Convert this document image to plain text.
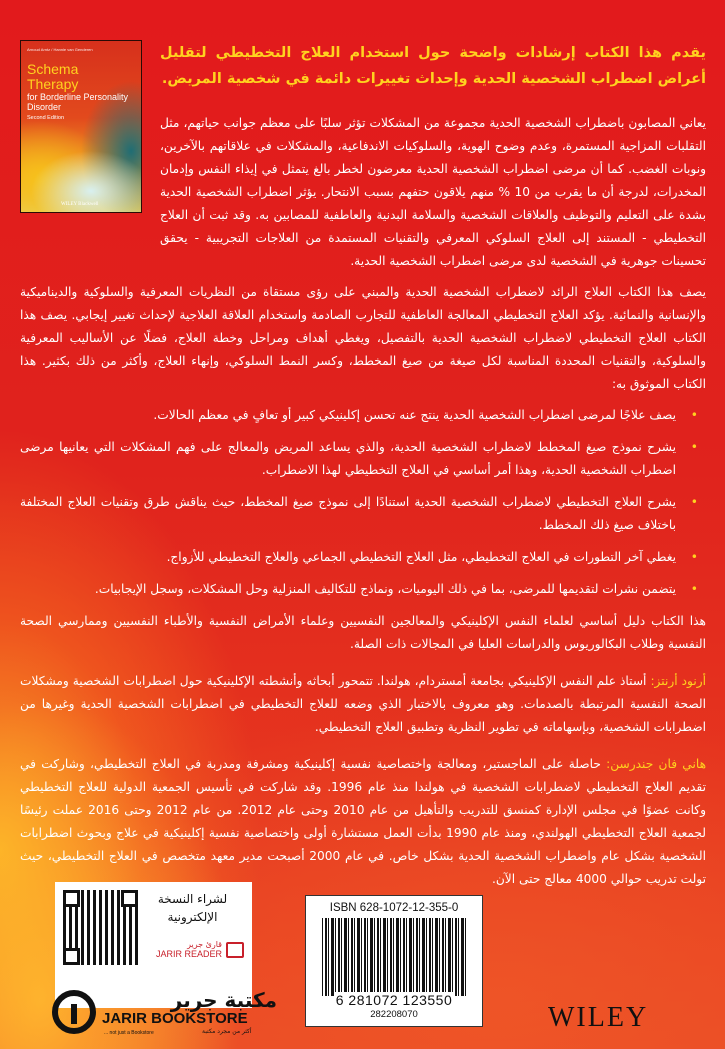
Arnoud Arntz / Hannie van Genderen
Schema
Therapy
for Borderline Personality Disorder
Second Edition
WILEY Blackwell

يقدم هذا الكتاب إرشادات واضحة حول استخدام العلاج التخطيطي لتقليل أعراض اضطراب الشخصية الحدية وإحداث تغييرات دائمة في شخصية المريض.

يعاني المصابون باضطراب الشخصية الحدية مجموعة من المشكلات تؤثر سلبًا على معظم جوانب حياتهم، مثل التقلبات المزاجية المستمرة، وعدم وضوح الهوية، والسلوكيات الاندفاعية، والمشكلات في علاقاتهم بالآخرين، ونوبات الغضب. كما أن مرضى اضطراب الشخصية الحدية معرضون لخطر بالغ يتمثل في إيذاء النفس وإدمان المخدرات، لدرجة أن ما يقرب من 10 % منهم يلاقون حتفهم بسبب الانتحار. يؤثر اضطراب الشخصية الحدية بشدة على التعليم والتوظيف والعلاقات الشخصية والسلامة البدنية والعاطفية للمصابين به. وقد ثبت أن العلاج التخطيطي - المستند إلى العلاج السلوكي المعرفي والتقنيات المستمدة من العلاجات التجريبية - يحقق تحسينات جوهرية في الشخصية لدى مرضى اضطراب الشخصية الحدية.

يصف هذا الكتاب العلاج الرائد لاضطراب الشخصية الحدية والمبني على رؤى مستقاة من النظريات المعرفية والسلوكية والديناميكية والإنسانية والنمائية. يؤكد العلاج التخطيطي المعالجة العاطفية للتجارب الصادمة واستخدام العلاقة العلاجية لإحداث تغيير إيجابي. يصف هذا الكتاب العلاج التخطيطي لاضطراب الشخصية الحدية بالتفصيل، ويغطي أهداف ومراحل وخطة العلاج، فضلًا عن الأساليب المعرفية والسلوكية، والتقنيات المحددة المناسبة لكل صيغة من صيغ المخطط، وكسر النمط السلوكي، وإنهاء العلاج، وأكثر من ذلك بكثير. هذا الكتاب الموثوق به:

• يصف علاجًا لمرضى اضطراب الشخصية الحدية ينتج عنه تحسن إكلينيكي كبير أو تعافٍ في معظم الحالات.
• يشرح نموذج صيغ المخطط لاضطراب الشخصية الحدية، والذي يساعد المريض والمعالج على فهم المشكلات التي يعانيها مرضى اضطراب الشخصية الحدية، وهذا أمر أساسي في العلاج التخطيطي لهذا الاضطراب.
• يشرح العلاج التخطيطي لاضطراب الشخصية الحدية استنادًا إلى نموذج صيغ المخطط، حيث يناقش طرق وتقنيات العلاج المختلفة باختلاف صيغ ذلك المخطط.
• يغطي آخر التطورات في العلاج التخطيطي، مثل العلاج التخطيطي الجماعي والعلاج التخطيطي للأزواج.
• يتضمن نشرات لتقديمها للمرضى، بما في ذلك اليوميات، ونماذج للتكاليف المنزلية وحل المشكلات، وسجل الإيجابيات.

هذا الكتاب دليل أساسي لعلماء النفس الإكلينيكي والمعالجين النفسيين وعلماء الأمراض النفسية والأطباء النفسيين وممارسي الصحة النفسية وطلاب البكالوريوس والدراسات العليا في المجالات ذات الصلة.

أرنود أرنتز: أستاذ علم النفس الإكلينيكي بجامعة أمستردام، هولندا. تتمحور أبحاثه وأنشطته الإكلينيكية حول اضطرابات الشخصية ومشكلات الصحة النفسية المرتبطة بالصدمات. وهو معروف بالاختبار الذي وضعه للعلاج التخطيطي في اضطرابات الشخصية الحدية وغيرها من اضطرابات الشخصية، وبإسهاماته في تطوير النظرية وتطبيق العلاج التخطيطي.

هاني فان جندرسن: حاصلة على الماجستير، ومعالجة واختصاصية نفسية إكلينيكية ومشرفة ومدربة في العلاج التخطيطي، وشاركت في تقديم العلاج التخطيطي لاضطرابات الشخصية في هولندا منذ عام 1996. وقد شاركت في تأسيس الجمعية الدولية للعلاج التخطيطي وكانت عضوًا في مجلس الإدارة كمنسق للتدريب والتأهيل من عام 2010 وحتى عام 2012. من عام 2012 وحتى 2016 عملت رئيسًا لجمعية العلاج التخطيطي الهولندي، ومنذ عام 1990 بدأت العمل مستشارة أولى واختصاصية نفسية إكلينيكية في علاج وبحوث اضطرابات الشخصية بشكل عام واضطراب الشخصية الحدية بشكل خاص. في عام 2000 أصبحت مدير معهد متخصص في العلاج التخطيطي، حيث تولت تدريب حوالي 4000 معالج حتى الآن.

لشراء النسخة
الإلكترونية
قارئ جرير
JARIR READER
ISBN 628-1072-12-355-0
6 281072 123550
282208070
مكتبة جرير
JARIR BOOKSTORE
... not just a Bookstore	أكثر من مجرد مكتبة	WILEY
